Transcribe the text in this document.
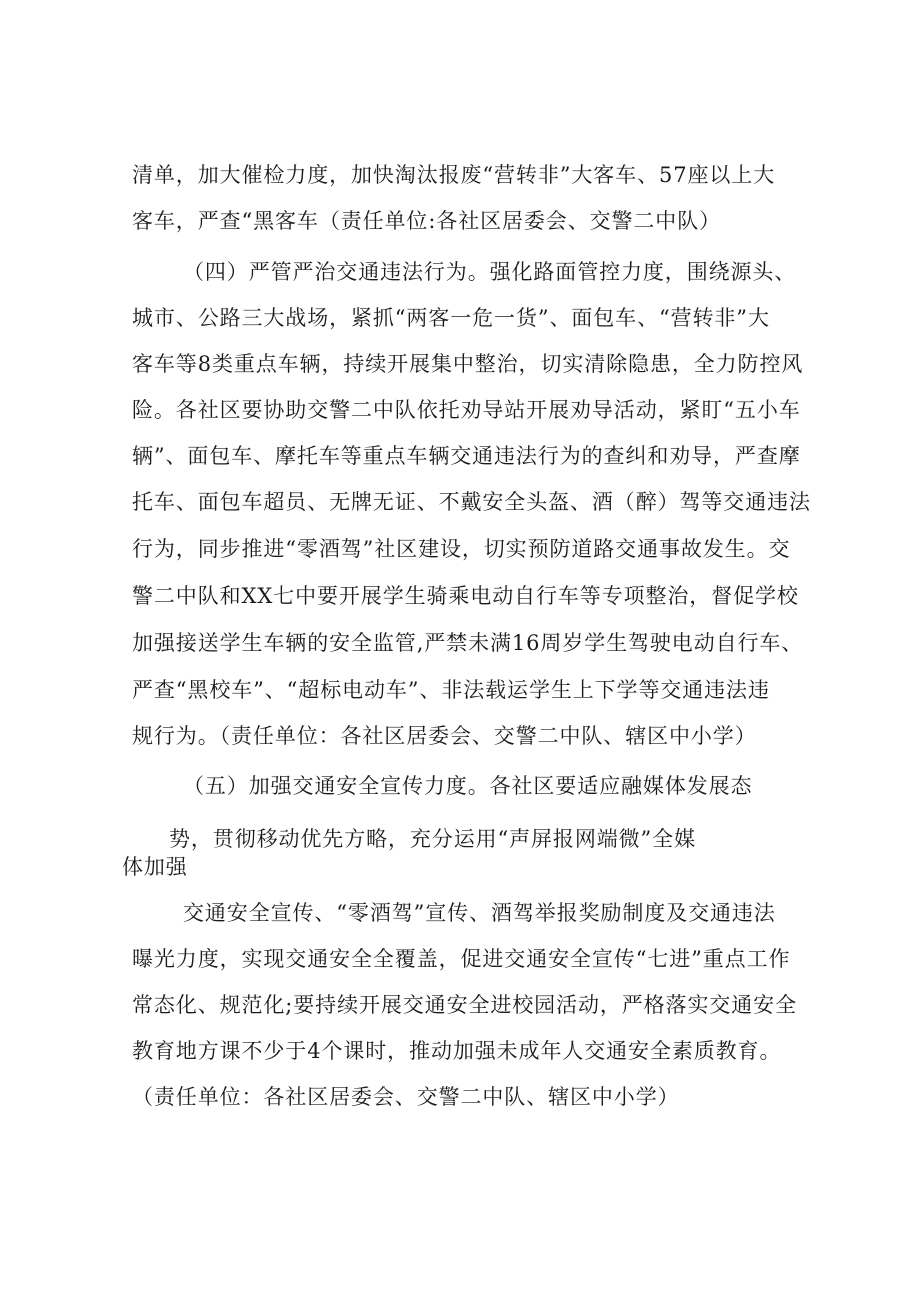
清单，加大催检力度，加快淘汰报废“营转非”大客车、57座以上大
客车，严查“黑客车（责任单位:各社区居委会、交警二中队）
（四）严管严治交通违法行为。强化路面管控力度，围绕源头、
城市、公路三大战场，紧抓“两客一危一货”、面包车、“营转非”大
客车等8类重点车辆，持续开展集中整治，切实清除隐患，全力防控风
险。各社区要协助交警二中队依托劝导站开展劝导活动，紧盯“五小车
辆”、面包车、摩托车等重点车辆交通违法行为的查纠和劝导，严查摩
托车、面包车超员、无牌无证、不戴安全头盔、酒（醉）驾等交通违法
行为，同步推进“零酒驾”社区建设，切实预防道路交通事故发生。交
警二中队和XX七中要开展学生骑乘电动自行车等专项整治，督促学校
加强接送学生车辆的安全监管,严禁未满16周岁学生驾驶电动自行车、
严查“黑校车”、“超标电动车”、非法载运学生上下学等交通违法违
规行为。（责任单位：各社区居委会、交警二中队、辖区中小学）
（五）加强交通安全宣传力度。各社区要适应融媒体发展态
势，贯彻移动优先方略，充分运用“声屏报网端微”全媒
体加强
交通安全宣传、“零酒驾”宣传、酒驾举报奖励制度及交通违法
曝光力度，实现交通安全全覆盖，促进交通安全宣传“七进”重点工作
常态化、规范化;要持续开展交通安全进校园活动，严格落实交通安全
教育地方课不少于4个课时，推动加强未成年人交通安全素质教育。
（责任单位：各社区居委会、交警二中队、辖区中小学）
